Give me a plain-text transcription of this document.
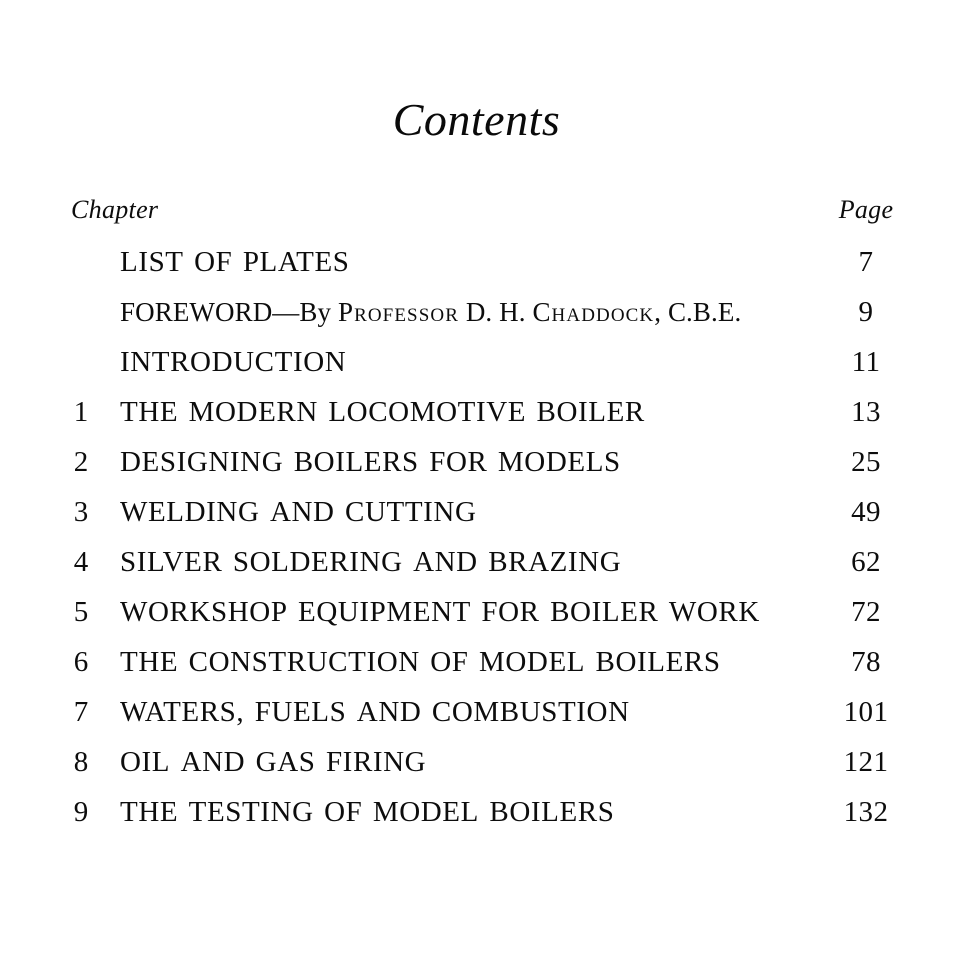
Contents
Chapter	Page
LIST OF PLATES	7
FOREWORD—By Professor D. H. Chaddock, C.B.E.	9
INTRODUCTION	11
1	THE MODERN LOCOMOTIVE BOILER	13
2	DESIGNING BOILERS FOR MODELS	25
3	WELDING AND CUTTING	49
4	SILVER SOLDERING AND BRAZING	62
5	WORKSHOP EQUIPMENT FOR BOILER WORK	72
6	THE CONSTRUCTION OF MODEL BOILERS	78
7	WATERS, FUELS AND COMBUSTION	101
8	OIL AND GAS FIRING	121
9	THE TESTING OF MODEL BOILERS	132
